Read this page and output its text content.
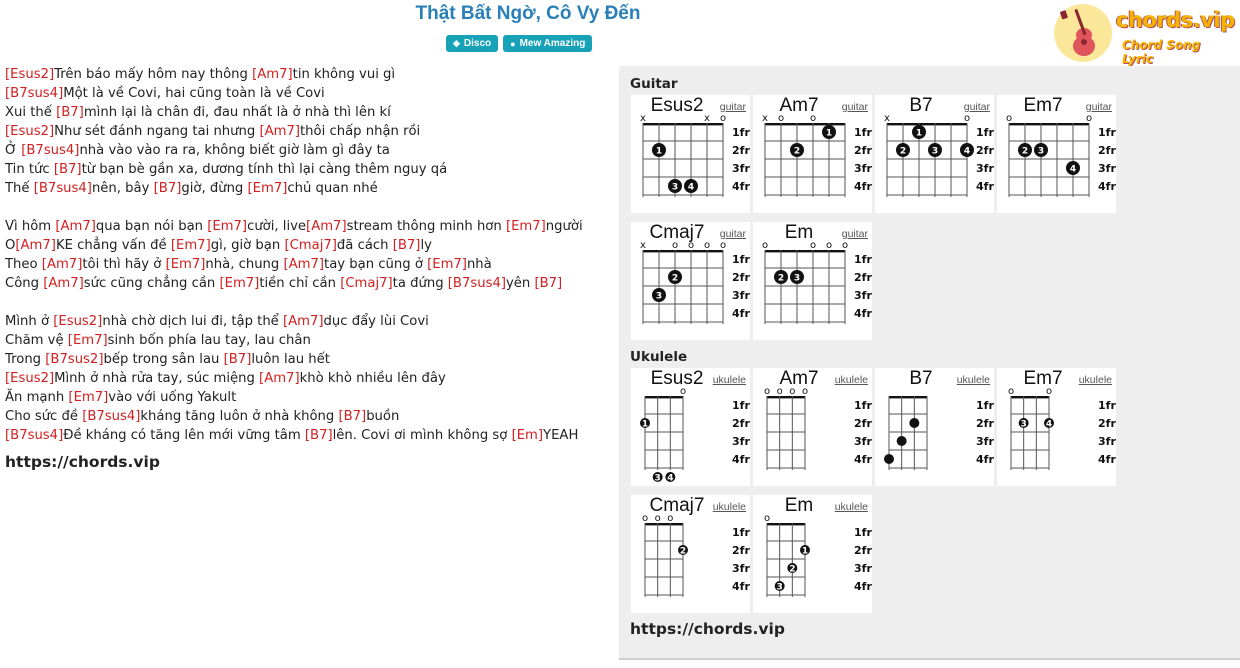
Thật Bất Ngờ, Cô Vy Đến
◈ Disco ● Mew Amazing
chords.vip
Chord Song Lyric
[Esus2]Trên báo mấy hôm nay thông [Am7]tin không vui gì
[B7sus4]Một là về Covi, hai cũng toàn là về Covi
Xui thế [B7]mình lại là chân đi, đau nhất là ở nhà thì lên kí
[Esus2]Như sét đánh ngang tai nhưng [Am7]thôi chấp nhận rồi
Ở [B7sus4]nhà vào vào ra ra, không biết giờ làm gì đây ta
Tin tức [B7]từ bạn bè gần xa, dương tính thì lại càng thêm nguy qá
Thế [B7sus4]nên, bây [B7]giờ, đừng [Em7]chủ quan nhé
Vì hôm [Am7]qua bạn nói bạn [Em7]cười, live[Am7]stream thông minh hơn [Em7]người
O[Am7]KE chẳng vấn đề [Em7]gì, giờ bạn [Cmaj7]đã cách [B7]ly
Theo [Am7]tôi thì hãy ở [Em7]nhà, chung [Am7]tay bạn cũng ở [Em7]nhà
Công [Am7]sức cũng chẳng cần [Em7]tiền chỉ cần [Cmaj7]ta đứng [B7sus4]yên [B7]
Mình ở [Esus2]nhà chờ dịch lui đi, tập thể [Am7]dục đẩy lùi Covi
Chăm vệ [Em7]sinh bốn phía lau tay, lau chân
Trong [B7sus2]bếp trong sân lau [B7]luôn lau hết
[Esus2]Mình ở nhà rửa tay, súc miệng [Am7]khò khò nhiều lên đây
Ăn mạnh [Em7]vào với uống Yakult
Cho sức đề [B7sus4]kháng tăng luôn ở nhà không [B7]buồn
[B7sus4]Đề kháng có tăng lên mới vững tâm [B7]lên. Covi ơi mình không sợ [Em]YEAH
https://chords.vip
Guitar
x	x o
1fr
2fr
3fr
4fr
1
3 4
Esus2	guitar
x o	o
1fr
2fr
3fr
4fr
1
2
Am7	guitar
x	o
1fr
2fr
3fr
4fr
1
2	3	4
B7	guitar
o	o
1fr
2fr
3fr
4fr
2 3
4
Em7	guitar
x	o o o o
1fr
2fr
3fr
4fr
2
3
Cmaj7	guitar
o	o o o
1fr
2fr
3fr
4fr
2 3
Em	guitar
Ukulele
o
1fr
2fr
3fr
4fr
1
3 4
Esus2 ukulele
o o o o
1fr
2fr
3fr
4fr
Am7	ukulele
1fr
2fr
3fr
4fr
B7	ukulele
o	o
1fr
2fr
3fr
4fr
3 4
Em7	ukulele
o o o
1fr
2fr
3fr
4fr
2
Cmaj7 ukulele
o
1fr
2fr
3fr
4fr
1
2
3
Em	ukulele
https://chords.vip
